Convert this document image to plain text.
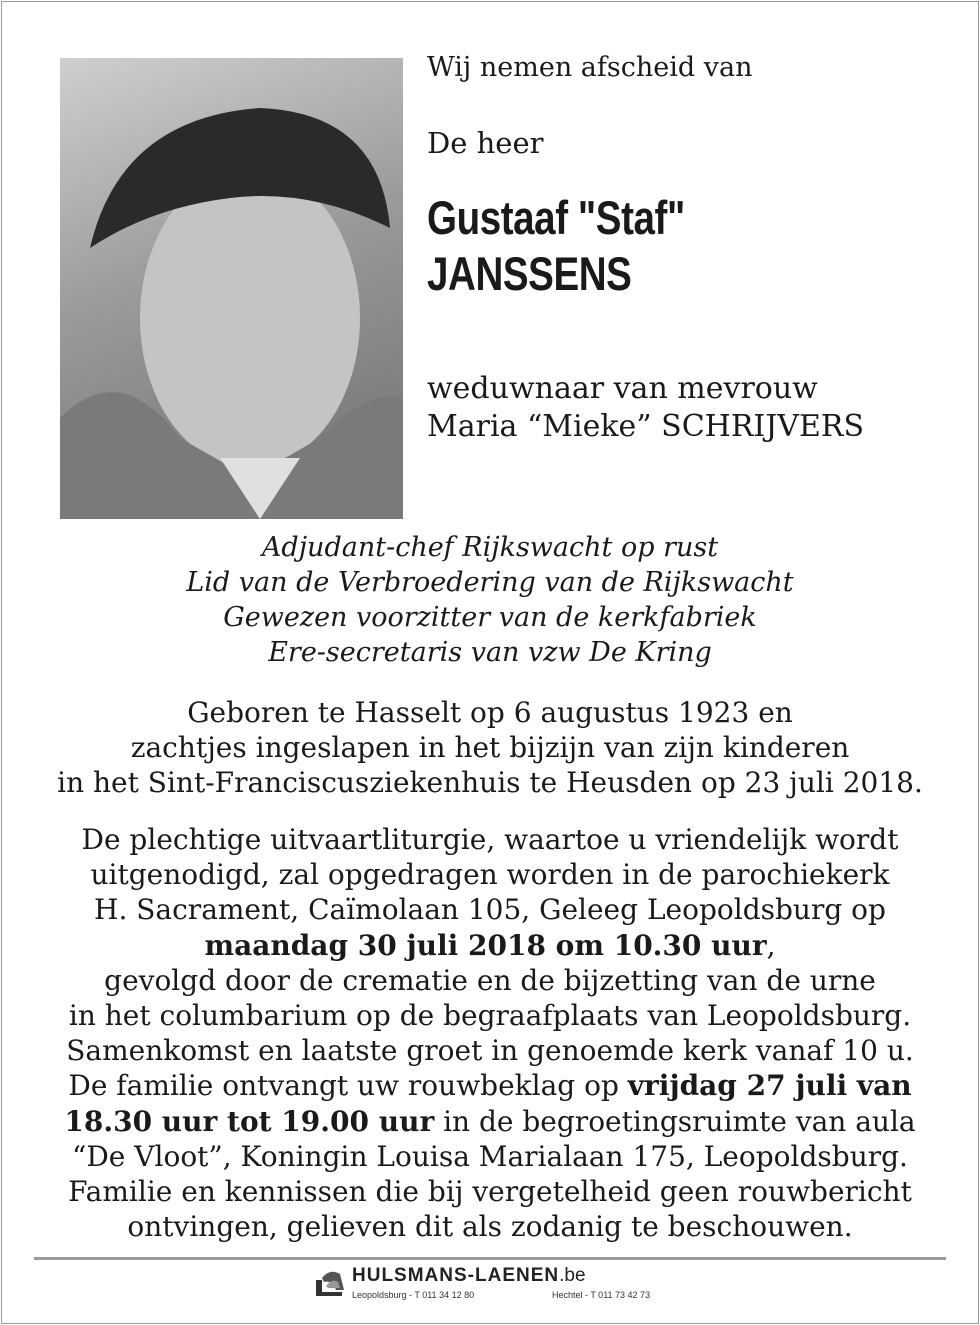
Wij nemen afscheid van
De heer
Gustaaf "Staf"
JANSSENS
weduwnaar van mevrouw
Maria “Mieke” SCHRIJVERS
Adjudant-chef Rijkswacht op rust
Lid van de Verbroedering van de Rijkswacht
Gewezen voorzitter van de kerkfabriek
Ere-secretaris van vzw De Kring
Geboren te Hasselt op 6 augustus 1923 en
zachtjes ingeslapen in het bijzijn van zijn kinderen
in het Sint-Franciscusziekenhuis te Heusden op 23 juli 2018.
De plechtige uitvaartliturgie, waartoe u vriendelijk wordt
uitgenodigd, zal opgedragen worden in de parochiekerk
H. Sacrament, Caïmolaan 105, Geleeg Leopoldsburg op
maandag 30 juli 2018 om 10.30 uur,
gevolgd door de crematie en de bijzetting van de urne
in het columbarium op de begraafplaats van Leopoldsburg.
Samenkomst en laatste groet in genoemde kerk vanaf 10 u.
De familie ontvangt uw rouwbeklag op vrijdag 27 juli van
18.30 uur tot 19.00 uur in de begroetingsruimte van aula
“De Vloot”, Koningin Louisa Marialaan 175, Leopoldsburg.
Familie en kennissen die bij vergetelheid geen rouwbericht
ontvingen, gelieven dit als zodanig te beschouwen.
HULSMANS-LAENEN.be
Leopoldsburg - T 011 34 12 80	Hechtel - T 011 73 42 73
